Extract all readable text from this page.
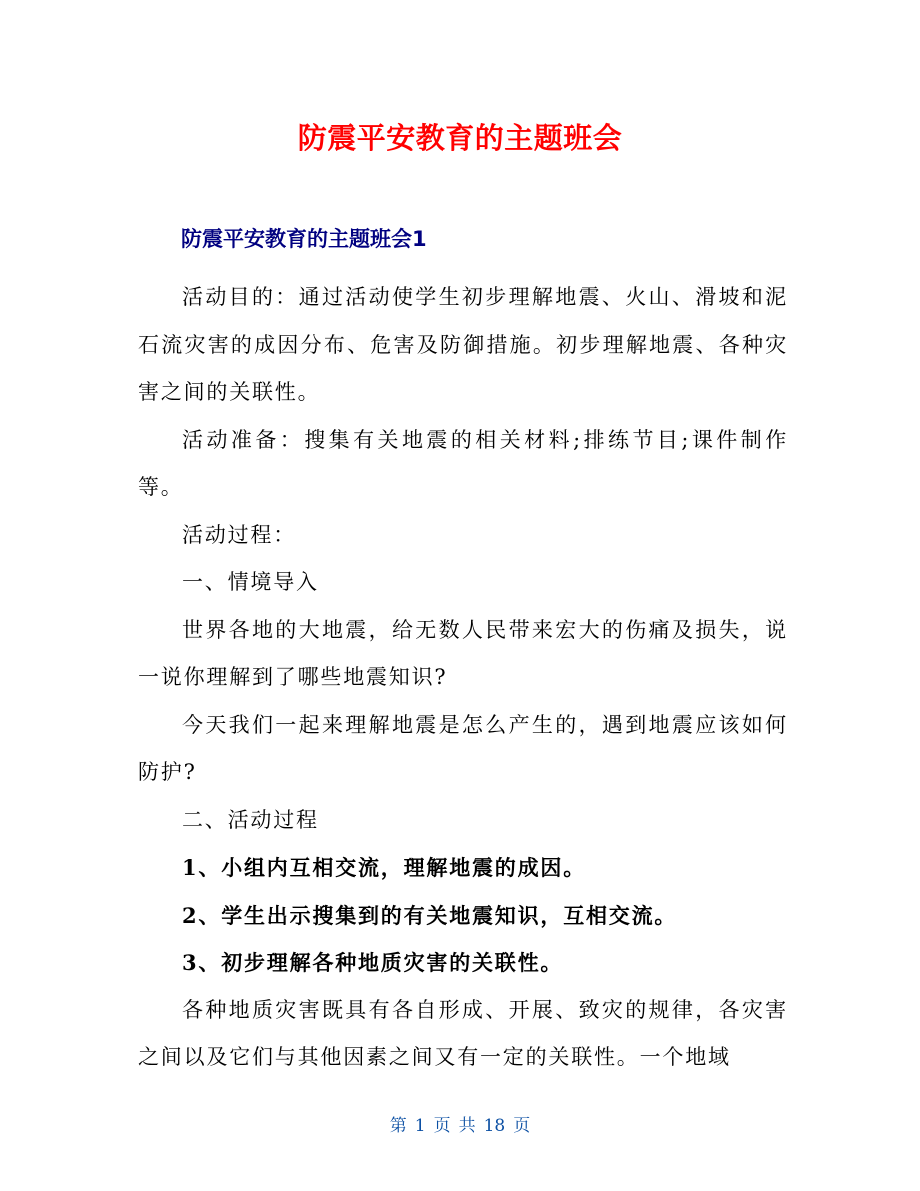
防震平安教育的主题班会
防震平安教育的主题班会1

活动目的：通过活动使学生初步理解地震、火山、滑坡和泥石流灾害的成因分布、危害及防御措施。初步理解地震、各种灾害之间的关联性。

活动准备：搜集有关地震的相关材料;排练节目;课件制作等。

活动过程：

一、情境导入

世界各地的大地震，给无数人民带来宏大的伤痛及损失，说一说你理解到了哪些地震知识?

今天我们一起来理解地震是怎么产生的，遇到地震应该如何防护?

二、活动过程

1、小组内互相交流，理解地震的成因。

2、学生出示搜集到的有关地震知识，互相交流。

3、初步理解各种地质灾害的关联性。

各种地质灾害既具有各自形成、开展、致灾的规律，各灾害之间以及它们与其他因素之间又有一定的关联性。一个地域

第 1 页 共 18 页
